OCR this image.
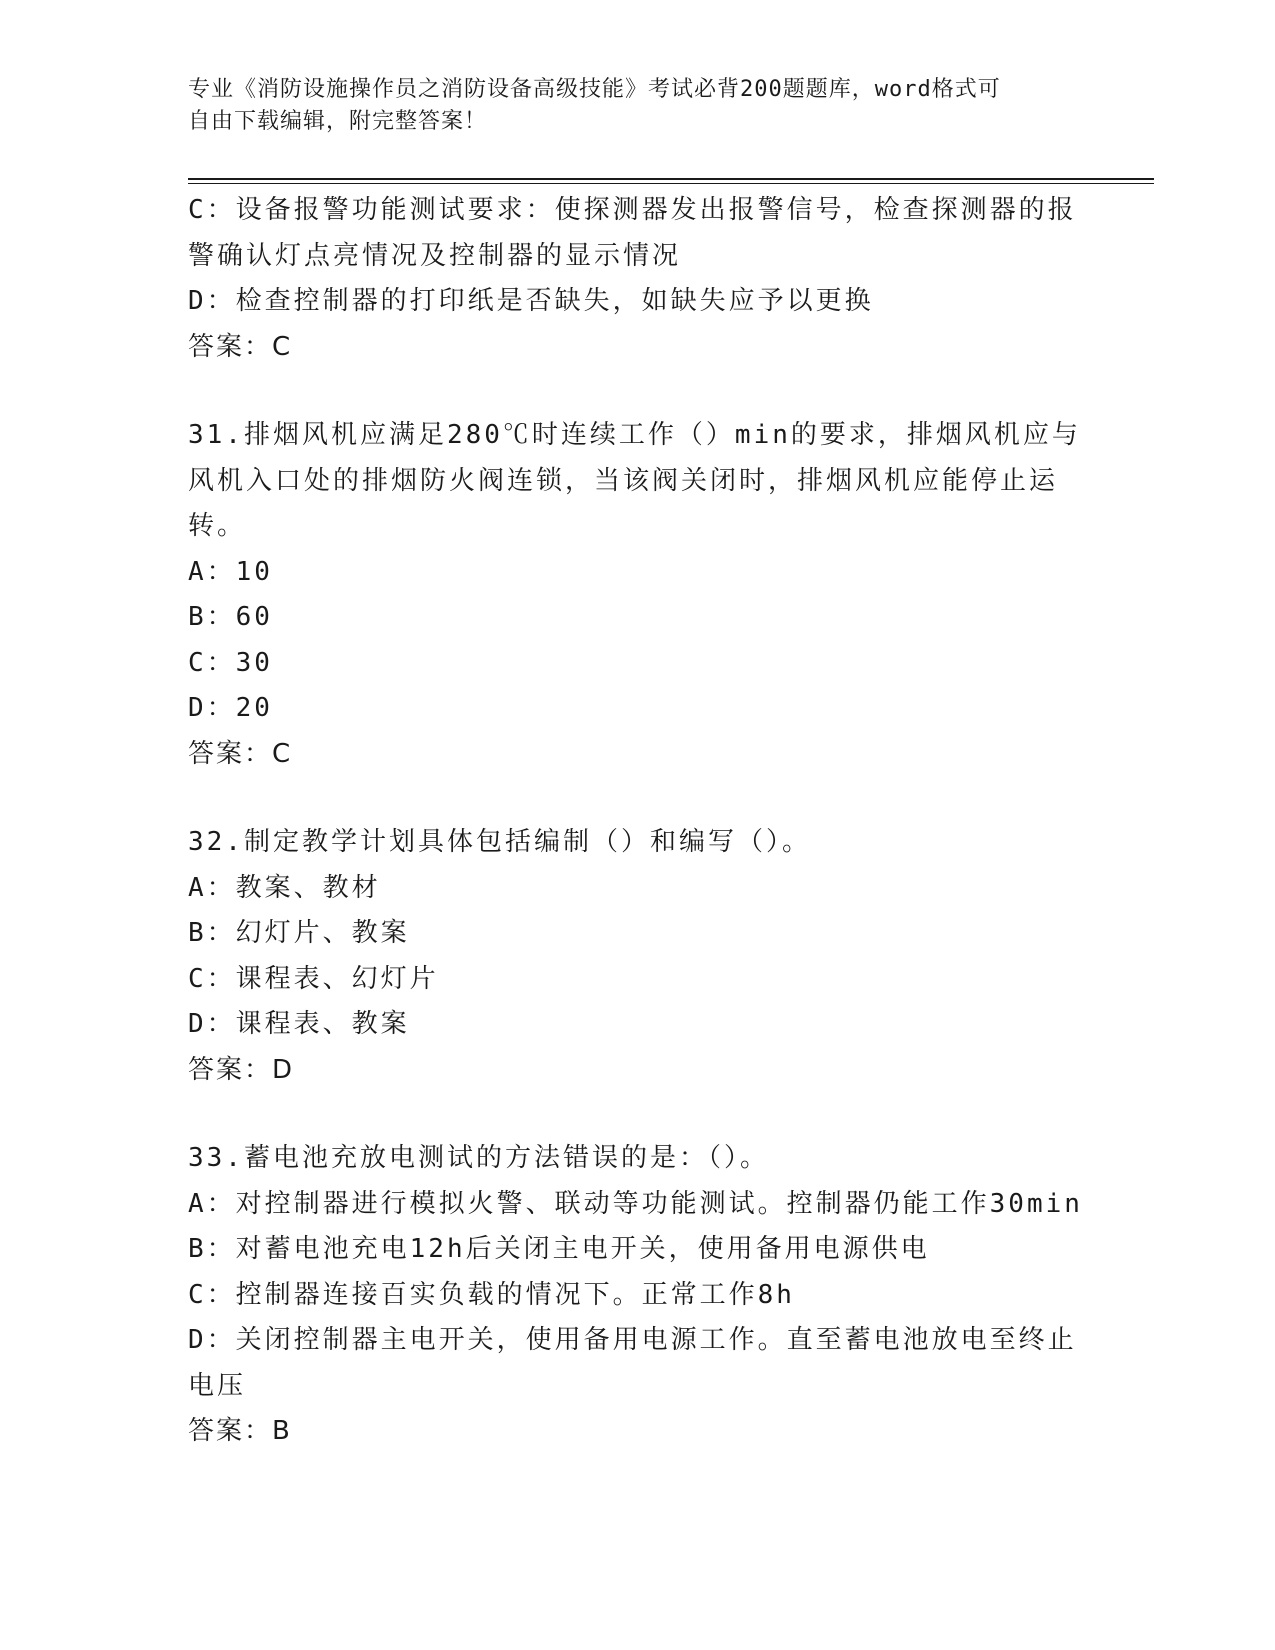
专业《消防设施操作员之消防设备高级技能》考试必背200题题库，word格式可
自由下载编辑，附完整答案！
C：设备报警功能测试要求：使探测器发出报警信号，检查探测器的报
警确认灯点亮情况及控制器的显示情况
D：检查控制器的打印纸是否缺失，如缺失应予以更换
答案：C
31.排烟风机应满足280℃时连续工作（）min的要求，排烟风机应与
风机入口处的排烟防火阀连锁，当该阀关闭时，排烟风机应能停止运
转。
A：10
B：60
C：30
D：20
答案：C
32.制定教学计划具体包括编制（）和编写（）。
A：教案、教材
B：幻灯片、教案
C：课程表、幻灯片
D：课程表、教案
答案：D
33.蓄电池充放电测试的方法错误的是：（）。
A：对控制器进行模拟火警、联动等功能测试。控制器仍能工作30min
B：对蓄电池充电12h后关闭主电开关，使用备用电源供电
C：控制器连接百实负载的情况下。正常工作8h
D：关闭控制器主电开关，使用备用电源工作。直至蓄电池放电至终止
电压
答案：B
